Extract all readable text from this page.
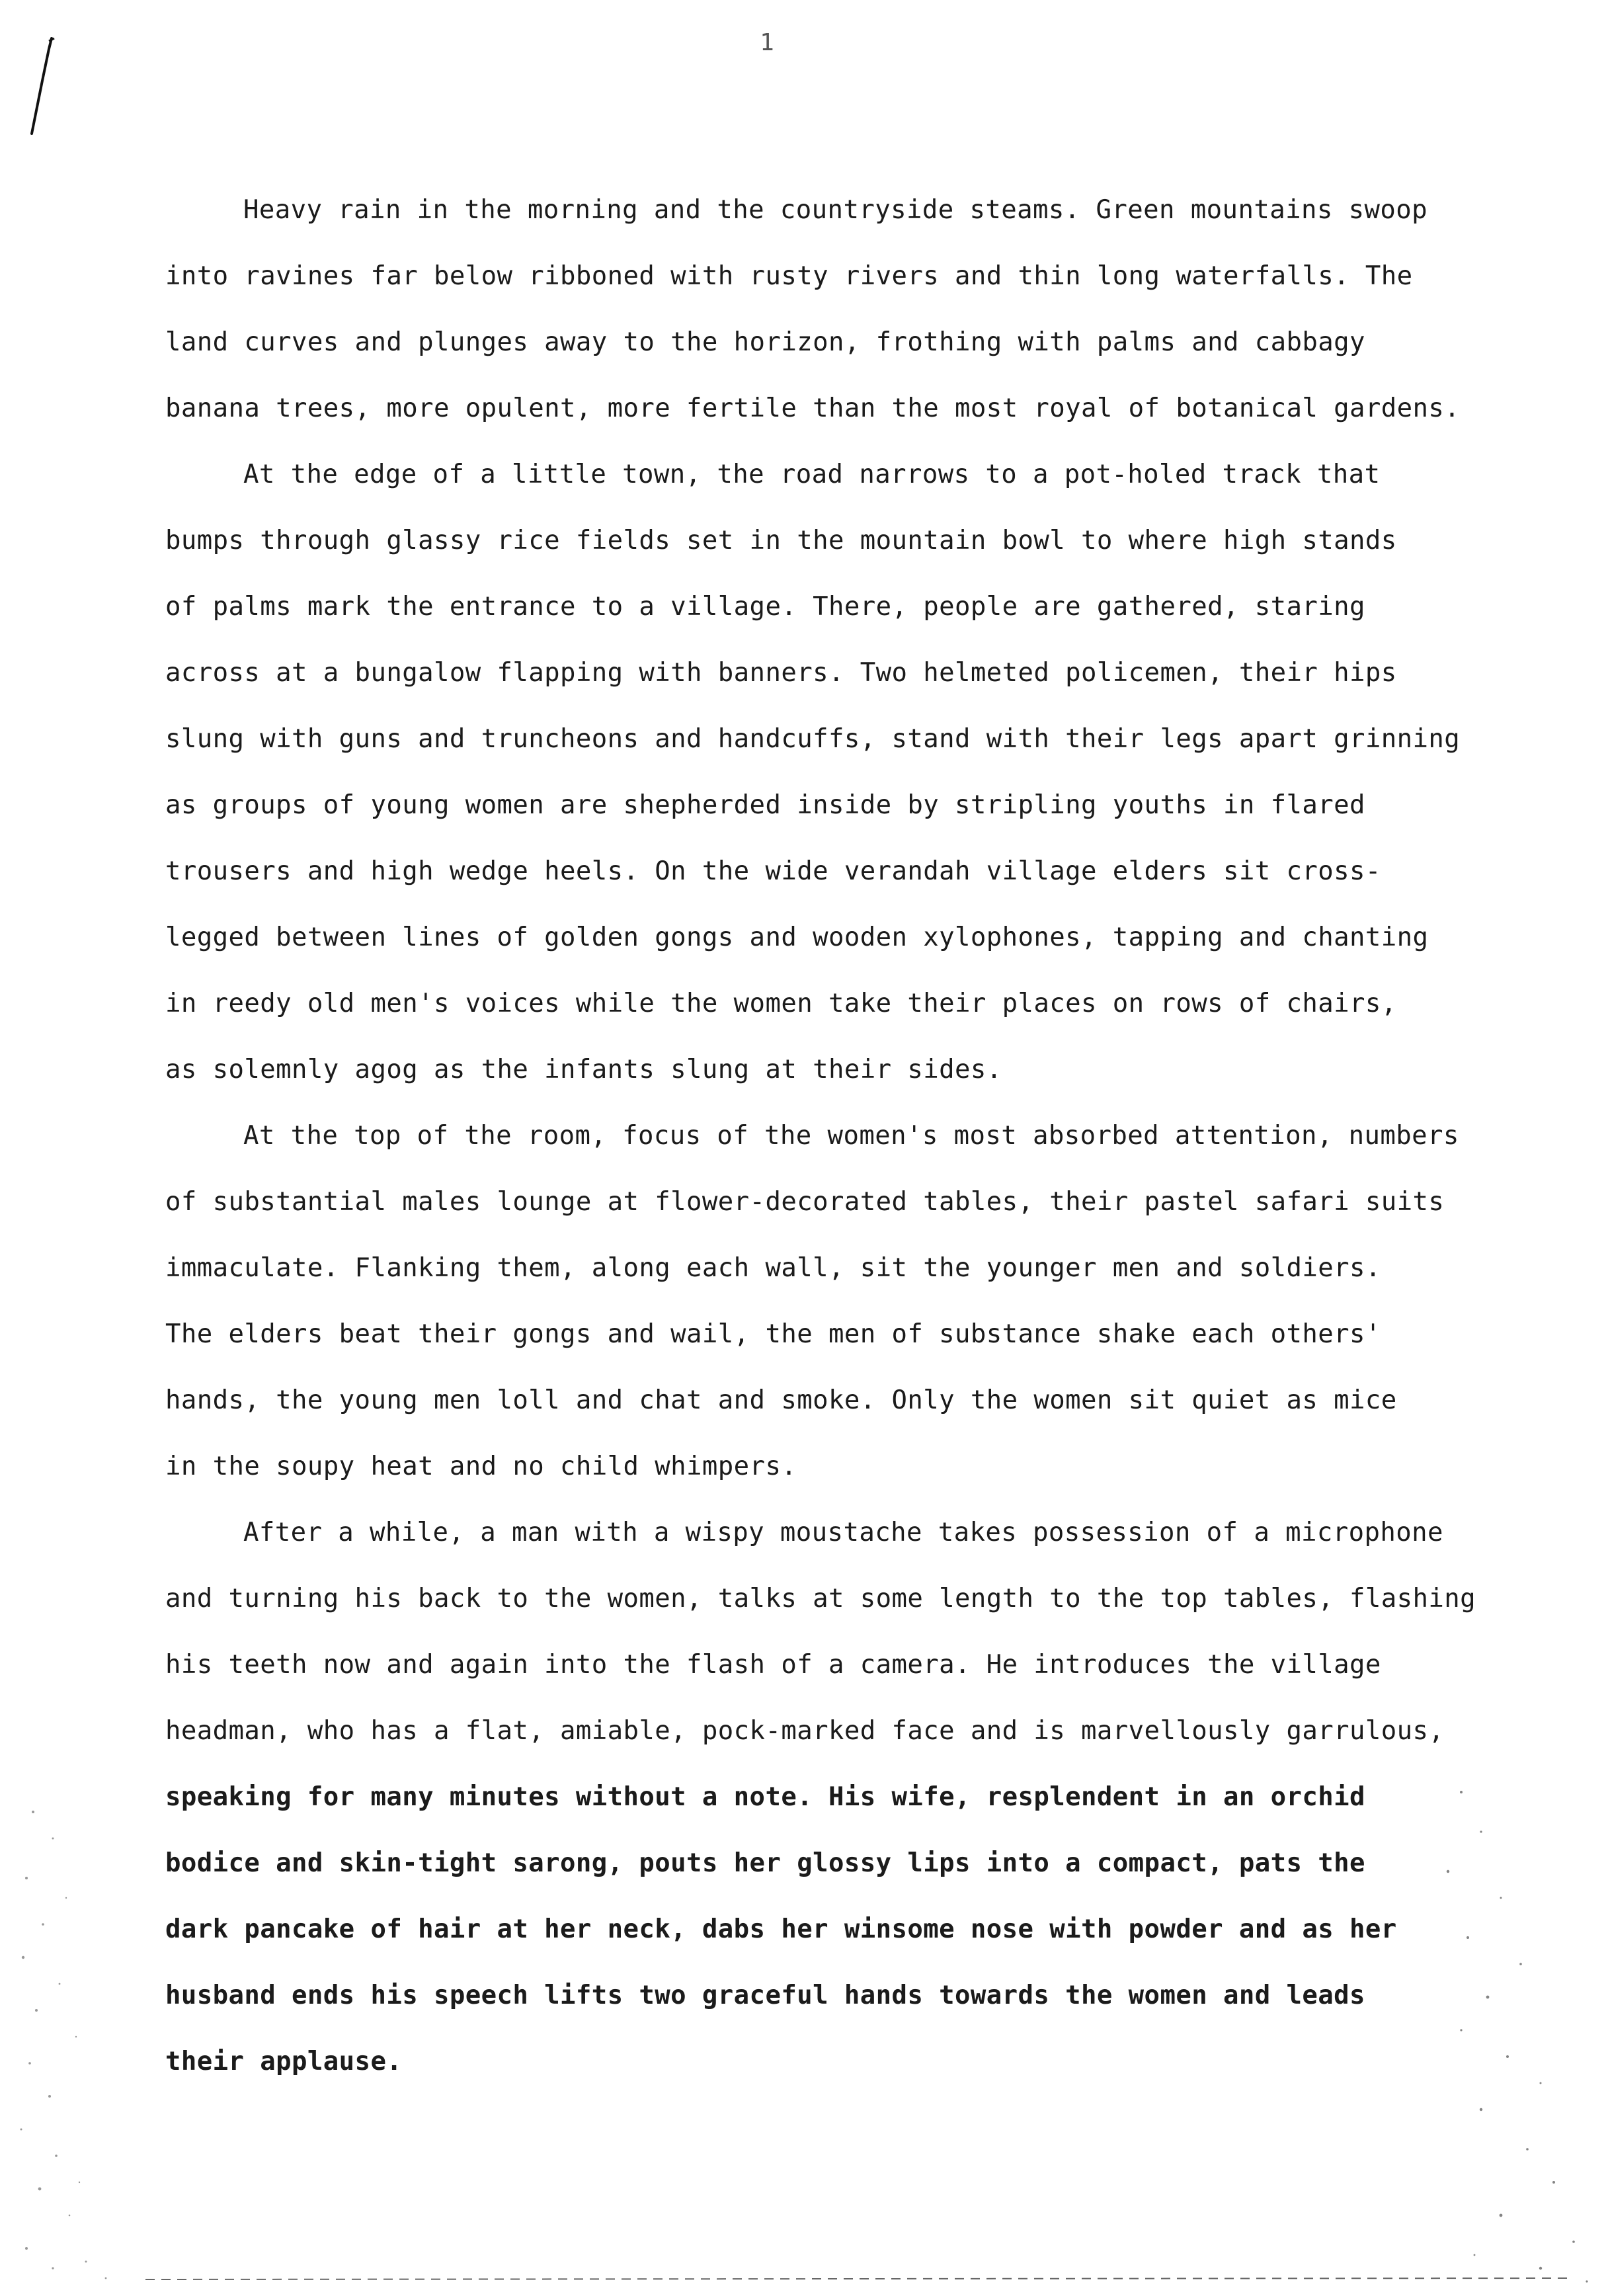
1
Heavy rain in the morning and the countryside steams. Green mountains swoop
into ravines far below ribboned with rusty rivers and thin long waterfalls. The
land curves and plunges away to the horizon, frothing with palms and cabbagy
banana trees, more opulent, more fertile than the most royal of botanical gardens.
At the edge of a little town, the road narrows to a pot-holed track that
bumps through glassy rice fields set in the mountain bowl to where high stands
of palms mark the entrance to a village. There, people are gathered, staring
across at a bungalow flapping with banners. Two helmeted policemen, their hips
slung with guns and truncheons and handcuffs, stand with their legs apart grinning
as groups of young women are shepherded inside by stripling youths in flared
trousers and high wedge heels. On the wide verandah village elders sit cross-
legged between lines of golden gongs and wooden xylophones, tapping and chanting
in reedy old men's voices while the women take their places on rows of chairs,
as solemnly agog as the infants slung at their sides.
At the top of the room, focus of the women's most absorbed attention, numbers
of substantial males lounge at flower-decorated tables, their pastel safari suits
immaculate. Flanking them, along each wall, sit the younger men and soldiers.
The elders beat their gongs and wail, the men of substance shake each others'
hands, the young men loll and chat and smoke. Only the women sit quiet as mice
in the soupy heat and no child whimpers.
After a while, a man with a wispy moustache takes possession of a microphone
and turning his back to the women, talks at some length to the top tables, flashing
his teeth now and again into the flash of a camera. He introduces the village
headman, who has a flat, amiable, pock-marked face and is marvellously garrulous,
speaking for many minutes without a note. His wife, resplendent in an orchid
bodice and skin-tight sarong, pouts her glossy lips into a compact, pats the
dark pancake of hair at her neck, dabs her winsome nose with powder and as her
husband ends his speech lifts two graceful hands towards the women and leads
their applause.
